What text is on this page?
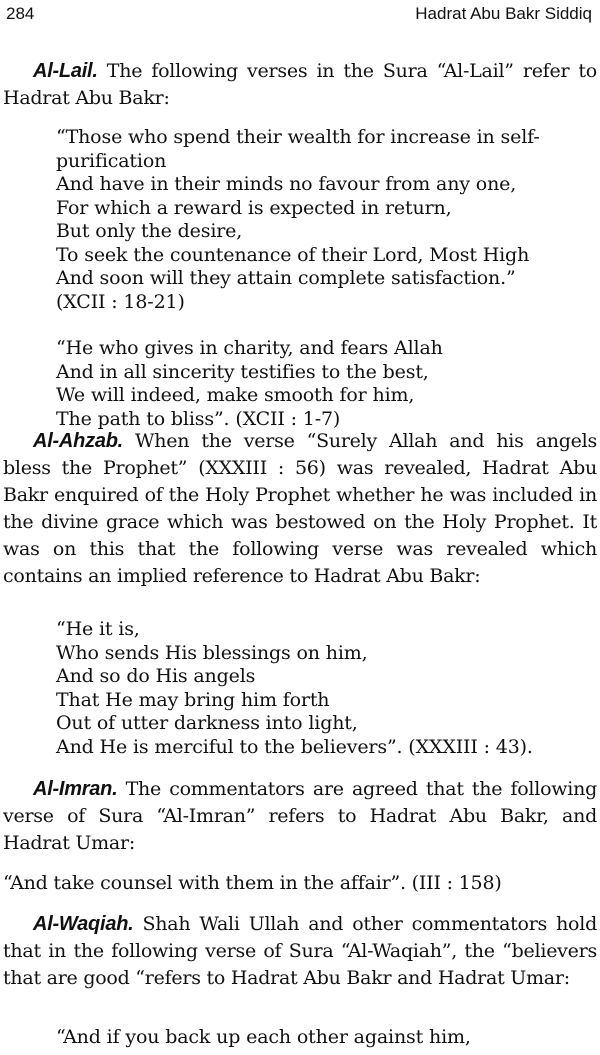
284	Hadrat Abu Bakr Siddiq
Al-Lail. The following verses in the Sura “Al-Lail” refer to Hadrat Abu Bakr:
“Those who spend their wealth for increase in self-
purification
And have in their minds no favour from any one,
For which a reward is expected in return,
But only the desire,
To seek the countenance of their Lord, Most High
And soon will they attain complete satisfaction.”
(XCII : 18-21)
“He who gives in charity, and fears Allah
And in all sincerity testifies to the best,
We will indeed, make smooth for him,
The path to bliss”. (XCII : 1-7)
Al-Ahzab. When the verse “Surely Allah and his angels bless the Prophet” (XXXIII : 56) was revealed, Hadrat Abu Bakr enquired of the Holy Prophet whether he was included in the divine grace which was bestowed on the Holy Prophet. It was on this that the following verse was revealed which contains an implied reference to Hadrat Abu Bakr:
“He it is,
Who sends His blessings on him,
And so do His angels
That He may bring him forth
Out of utter darkness into light,
And He is merciful to the believers”. (XXXIII : 43).
Al-Imran. The commentators are agreed that the following verse of Sura “Al-Imran” refers to Hadrat Abu Bakr, and Hadrat Umar:
“And take counsel with them in the affair”. (III : 158)
Al-Waqiah. Shah Wali Ullah and other commentators hold that in the following verse of Sura “Al-Waqiah”, the “believers that are good “refers to Hadrat Abu Bakr and Hadrat Umar:
“And if you back up each other against him,
